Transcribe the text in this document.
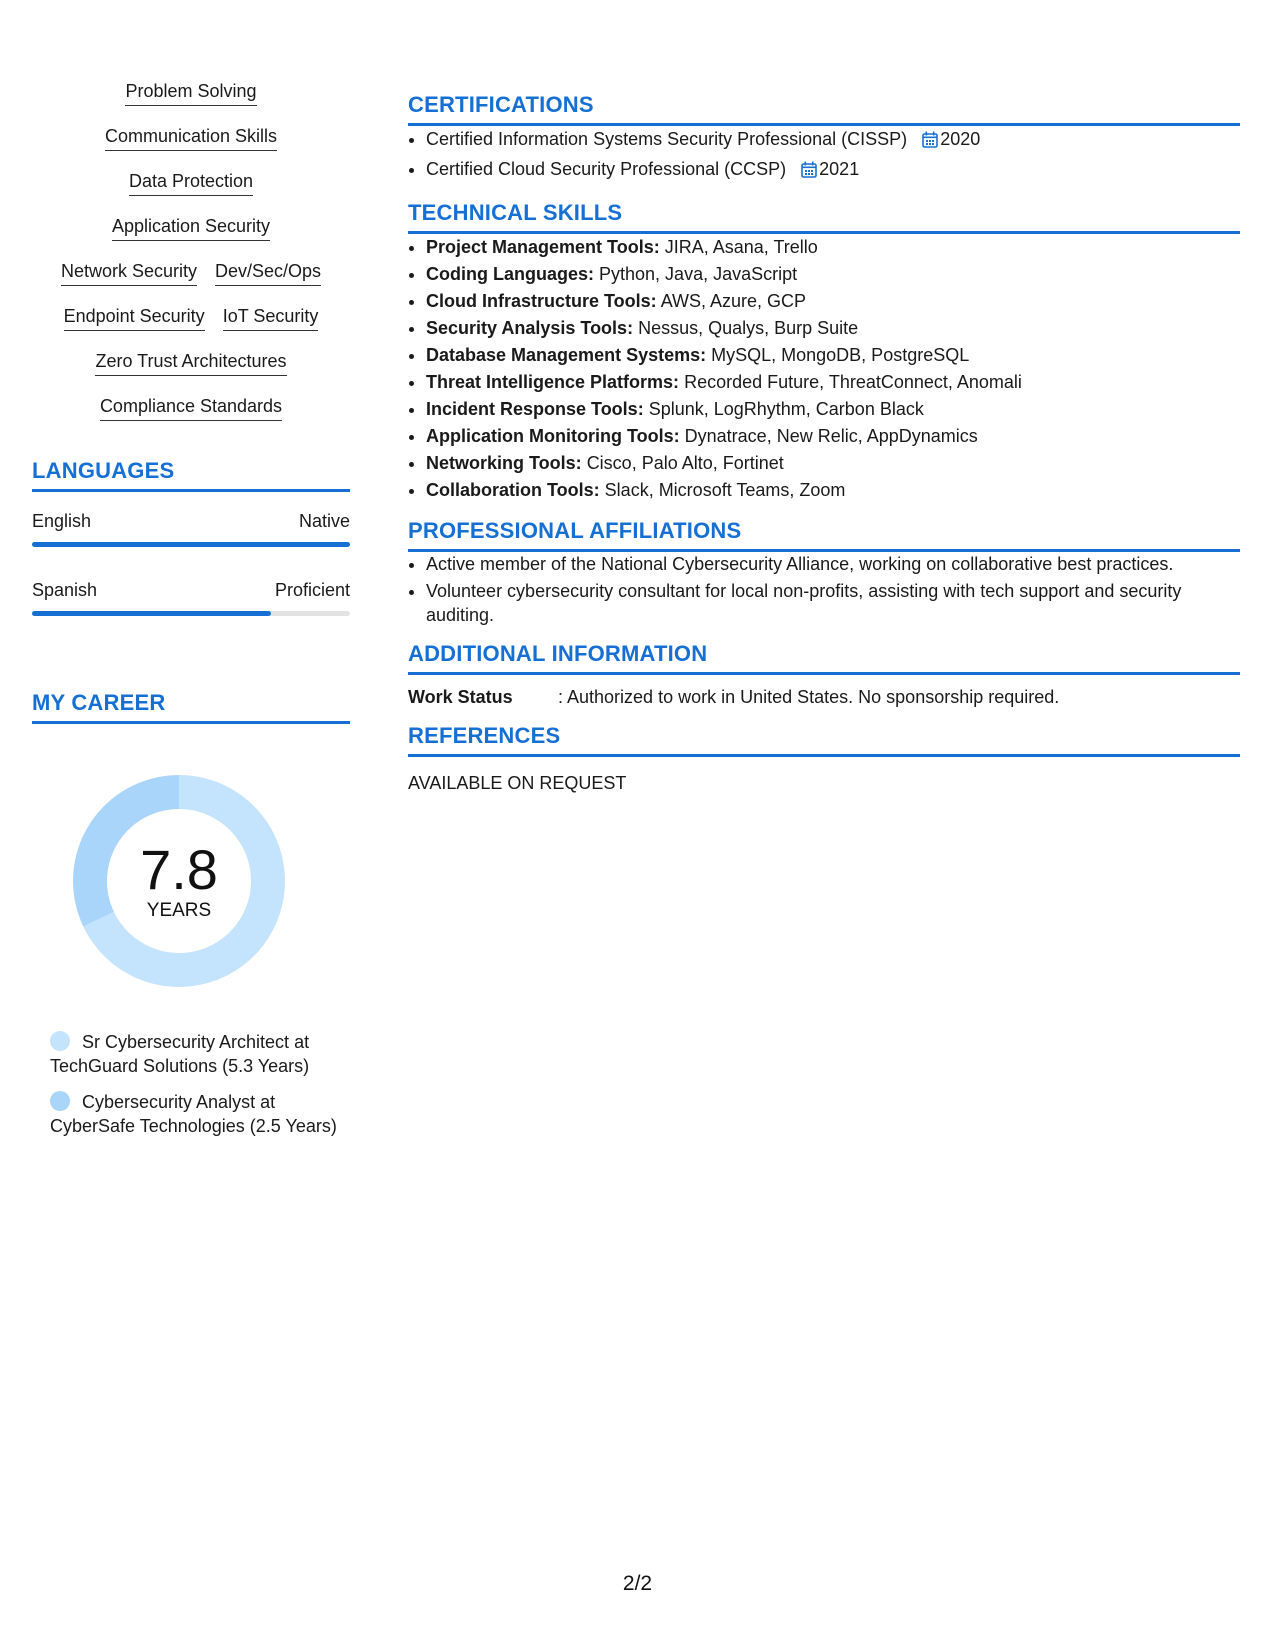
Problem Solving
Communication Skills
Data Protection
Application Security
Network Security Dev/Sec/Ops
Endpoint Security IoT Security
Zero Trust Architectures
Compliance Standards
LANGUAGES
English	Native
Spanish	Proficient
MY CAREER
7.8
YEARS
Sr Cybersecurity Architect at TechGuard Solutions (5.3 Years)
Cybersecurity Analyst at CyberSafe Technologies (2.5 Years)
CERTIFICATIONS
• Certified Information Systems Security Professional (CISSP) 2020
• Certified Cloud Security Professional (CCSP) 2021
TECHNICAL SKILLS
• Project Management Tools: JIRA, Asana, Trello
• Coding Languages: Python, Java, JavaScript
• Cloud Infrastructure Tools: AWS, Azure, GCP
• Security Analysis Tools: Nessus, Qualys, Burp Suite
• Database Management Systems: MySQL, MongoDB, PostgreSQL
• Threat Intelligence Platforms: Recorded Future, ThreatConnect, Anomali
• Incident Response Tools: Splunk, LogRhythm, Carbon Black
• Application Monitoring Tools: Dynatrace, New Relic, AppDynamics
• Networking Tools: Cisco, Palo Alto, Fortinet
• Collaboration Tools: Slack, Microsoft Teams, Zoom
PROFESSIONAL AFFILIATIONS
• Active member of the National Cybersecurity Alliance, working on collaborative best practices.
• Volunteer cybersecurity consultant for local non-profits, assisting with tech support and security auditing.
ADDITIONAL INFORMATION
Work Status	: Authorized to work in United States. No sponsorship required.
REFERENCES
AVAILABLE ON REQUEST
2/2
